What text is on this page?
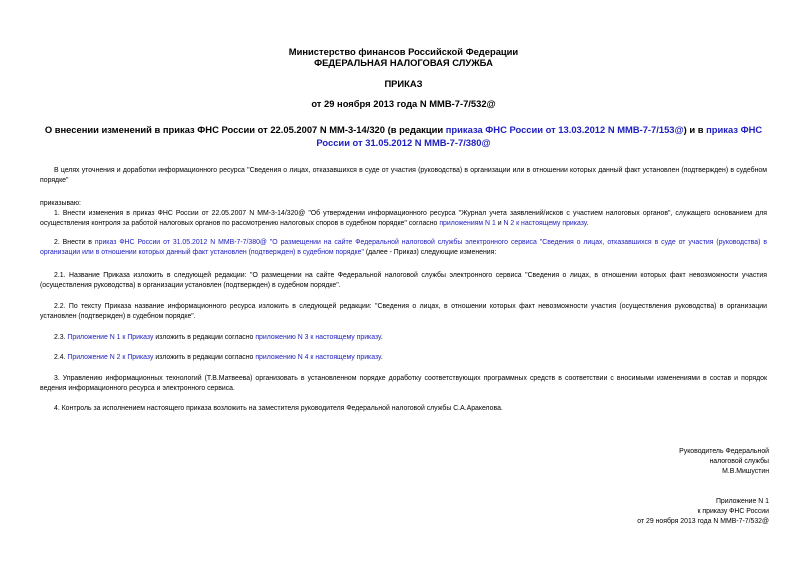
Министерство финансов Российской Федерации
ФЕДЕРАЛЬНАЯ НАЛОГОВАЯ СЛУЖБА
ПРИКАЗ
от 29 ноября 2013 года N ММВ-7-7/532@
О внесении изменений в приказ ФНС России от 22.05.2007 N ММ-3-14/320 (в редакции приказа ФНС России от 13.03.2012 N ММВ-7-7/153@) и в приказ ФНС России от 31.05.2012 N ММВ-7-7/380@
В целях уточнения и доработки информационного ресурса "Сведения о лицах, отказавшихся в суде от участия (руководства) в организации или в отношении которых данный факт установлен (подтвержден) в судебном порядке"
приказываю:
1. Внести изменения в приказ ФНС России от 22.05.2007 N ММ-3-14/320@ "Об утверждении информационного ресурса "Журнал учета заявлений/исков с участием налоговых органов", служащего основанием для осуществления контроля за работой налоговых органов по рассмотрению налоговых споров в судебном порядке" согласно приложениям N 1 и N 2 к настоящему приказу.
2. Внести в приказ ФНС России от 31.05.2012 N ММВ-7-7/380@ "О размещении на сайте Федеральной налоговой службы электронного сервиса "Сведения о лицах, отказавшихся в суде от участия (руководства) в организации или в отношении которых данный факт установлен (подтвержден) в судебном порядке" (далее - Приказ) следующие изменения:
2.1. Название Приказа изложить в следующей редакции: "О размещении на сайте Федеральной налоговой службы электронного сервиса "Сведения о лицах, в отношении которых факт невозможности участия (осуществления руководства) в организации установлен (подтвержден) в судебном порядке".
2.2. По тексту Приказа название информационного ресурса изложить в следующей редакции: "Сведения о лицах, в отношении которых факт невозможности участия (осуществления руководства) в организации установлен (подтвержден) в судебном порядке".
2.3. Приложение N 1 к Приказу изложить в редакции согласно приложению N 3 к настоящему приказу.
2.4. Приложение N 2 к Приказу изложить в редакции согласно приложению N 4 к настоящему приказу.
3. Управлению информационных технологий (Т.В.Матвеева) организовать в установленном порядке доработку соответствующих программных средств в соответствии с вносимыми изменениями в состав и порядок ведения информационного ресурса и электронного сервиса.
4. Контроль за исполнением настоящего приказа возложить на заместителя руководителя Федеральной налоговой службы С.А.Аракелова.
Руководитель Федеральной
налоговой службы
М.В.Мишустин
Приложение N 1
к приказу ФНС России
от 29 ноября 2013 года N ММВ-7-7/532@
